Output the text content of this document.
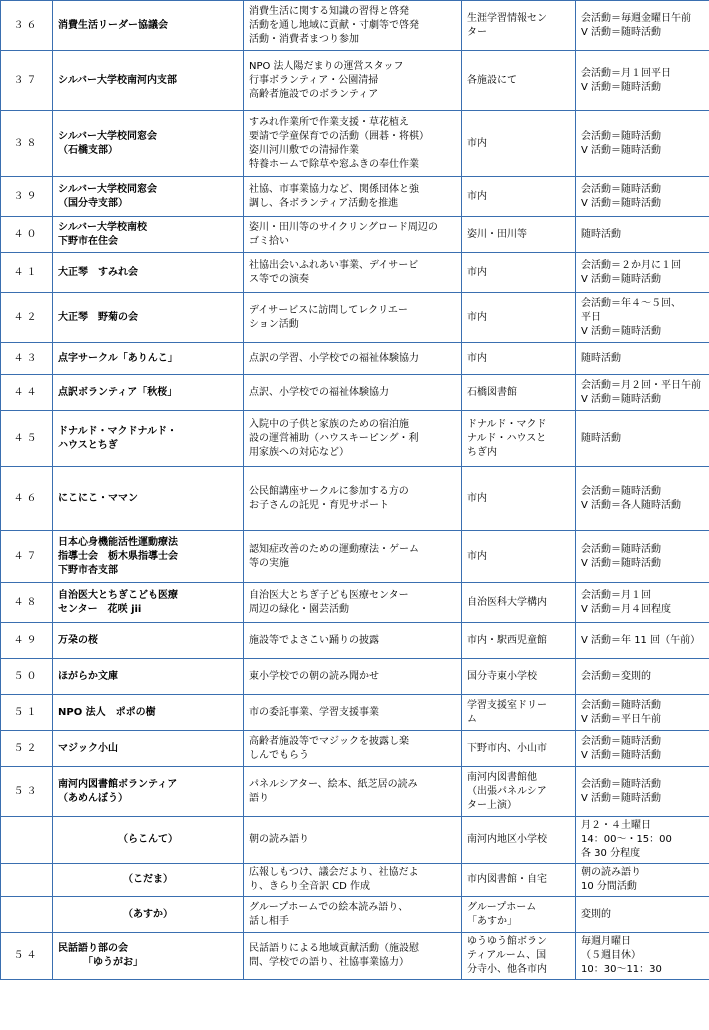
３６	消費生活リーダー協議会	消費生活に関する知識の習得と啓発
活動を通し地域に貢献・寸劇等で啓発
活動・消費者まつり参加	生涯学習情報セン
ター	会活動＝毎週金曜日午前
V 活動＝随時活動

３７	シルバー大学校南河内支部	NPO 法人陽だまりの運営スタッフ
行事ボランティア・公園清掃
高齢者施設でのボランティア	各施設にて	会活動＝月１回平日
V 活動＝随時活動

３８	シルバー大学校同窓会
（石橋支部）	すみれ作業所で作業支援・草花植え
要請で学童保育での活動（囲碁・将棋）
姿川河川敷での清掃作業
特養ホームで除草や窓ふきの奉仕作業	市内	会活動＝随時活動
V 活動＝随時活動

３９	シルバー大学校同窓会
（国分寺支部）	社協、市事業協力など、関係団体と強
調し、各ボランティア活動を推進	市内	会活動＝随時活動
V 活動＝随時活動

４０	シルバー大学校南校
下野市在住会	姿川・田川等のサイクリングロード周辺の
ゴミ拾い	姿川・田川等	随時活動

４１	大正琴　すみれ会	社協出会いふれあい事業、デイサービ
ス等での演奏	市内	会活動＝２か月に１回
V 活動＝随時活動

４２	大正琴　野菊の会	デイサービスに訪問してレクリエー
ション活動	市内	会活動＝年４～５回、
平日
V 活動＝随時活動

４３	点字サークル「ありんこ」	点訳の学習、小学校での福祉体験協力	市内	随時活動

４４	点訳ボランティア「秋桜」	点訳、小学校での福祉体験協力	石橋図書館	会活動＝月２回・平日午前
V 活動＝随時活動

４５	ドナルド・マクドナルド・
ハウスとちぎ	入院中の子供と家族のための宿泊施
設の運営補助（ハウスキーピング・利
用家族への対応など）	ドナルド・マクド
ナルド・ハウスと
ちぎ内	随時活動

４６	にこにこ・ママン	公民館講座サークルに参加する方の
お子さんの託児・育児サポート	市内	会活動＝随時活動
V 活動＝各人随時活動

４７	日本心身機能活性運動療法
指導士会　栃木県指導士会
下野市杏支部	認知症改善のための運動療法・ゲーム
等の実施	市内	会活動＝随時活動
V 活動＝随時活動

４８	自治医大とちぎこども医療
センター　花咲 jii	自治医大とちぎ子ども医療センター
周辺の緑化・園芸活動	自治医科大学構内	会活動＝月１回
V 活動＝月４回程度

４９	万朶の桜	施設等でよさこい踊りの披露	市内・駅西児童館	V 活動＝年 11 回（午前）

５０	ほがらか文庫	東小学校での朝の読み聞かせ	国分寺東小学校	会活動＝変則的

５１	NPO 法人　ポポの樹	市の委託事業、学習支援事業	学習支援室ドリー
ム	会活動＝随時活動
V 活動＝平日午前

５２	マジック小山	高齢者施設等でマジックを披露し楽
しんでもらう	下野市内、小山市	会活動＝随時活動
V 活動＝随時活動

５３	南河内図書館ボランティア
（あめんぼう）	パネルシアター、絵本、紙芝居の読み
語り	南河内図書館他
（出張パネルシア
ター上演）	会活動＝随時活動
V 活動＝随時活動

	（らこんて）	朝の読み語り	南河内地区小学校	月２・４土曜日
14：00～・15：00
各 30 分程度

	（こだま）	広報しもつけ、議会だより、社協だよ
り、きらり全音訳 CD 作成	市内図書館・自宅	朝の読み語り
10 分間活動

	（あすか）	グループホームでの絵本読み語り、
話し相手	グループホーム
「あすか」	変則的

５４	民話語り部の会
　　　「ゆうがお」	民話語りによる地域貢献活動（施設慰
問、学校での語り、社協事業協力）	ゆうゆう館ボラン
ティアルーム、国
分寺小、他各市内	毎週月曜日
（５週目休）
10：30～11：30
